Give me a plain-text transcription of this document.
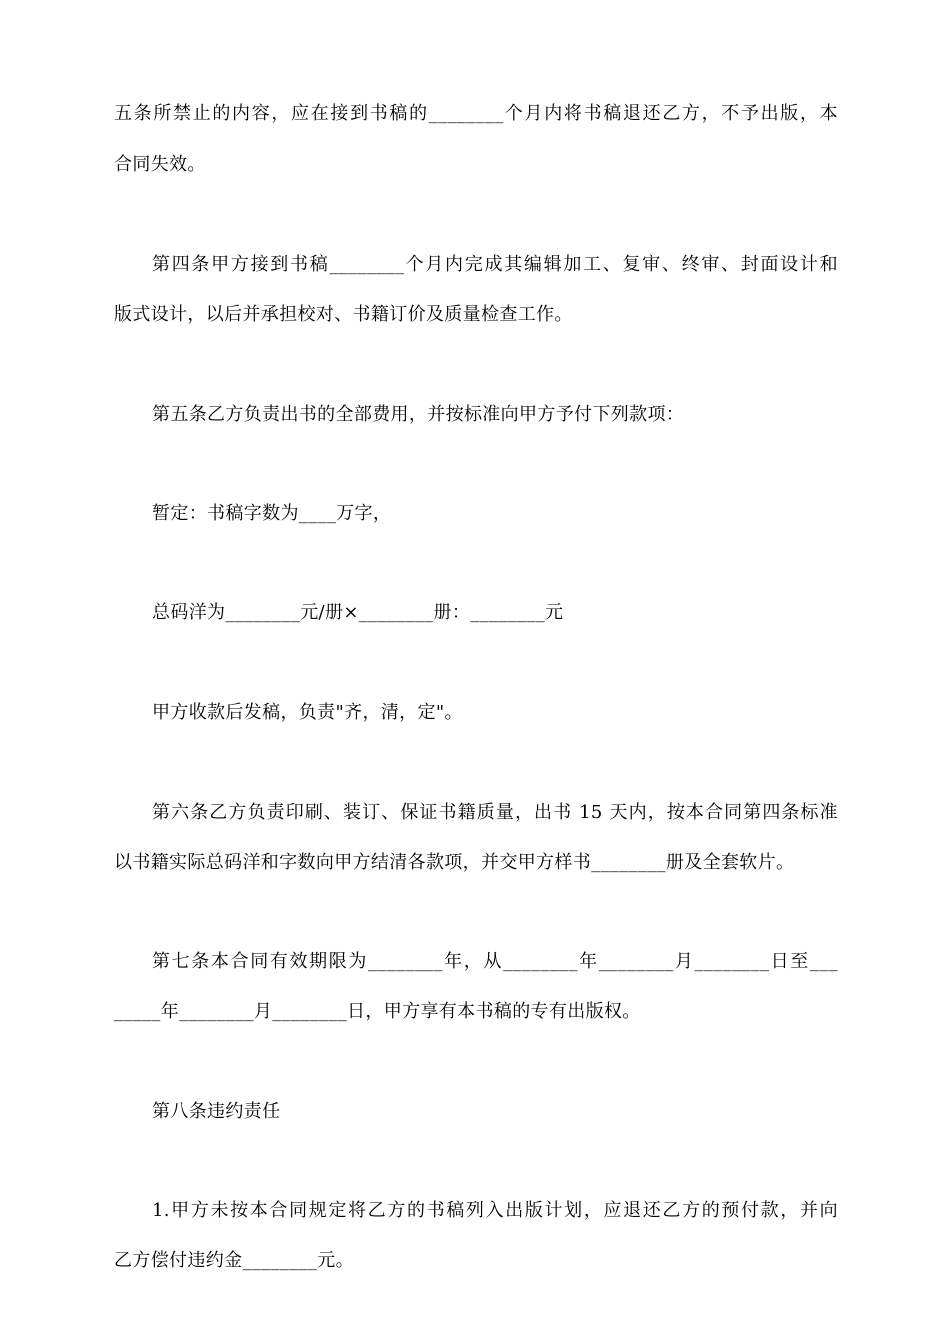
五条所禁止的内容，应在接到书稿的________个月内将书稿退还乙方，不予出版，本
合同失效。
第四条甲方接到书稿________个月内完成其编辑加工、复审、终审、封面设计和
版式设计，以后并承担校对、书籍订价及质量检查工作。
第五条乙方负责出书的全部费用，并按标准向甲方予付下列款项：
暂定：书稿字数为____万字，
总码洋为________元/册×________册：________元
甲方收款后发稿，负责"齐，清，定"。
第六条乙方负责印刷、装订、保证书籍质量，出书 15 天内，按本合同第四条标准
以书籍实际总码洋和字数向甲方结清各款项，并交甲方样书________册及全套软片。
第七条本合同有效期限为________年，从________年________月________日至___
_____年________月________日，甲方享有本书稿的专有出版权。
第八条违约责任
1.甲方未按本合同规定将乙方的书稿列入出版计划，应退还乙方的预付款，并向
乙方偿付违约金________元。
